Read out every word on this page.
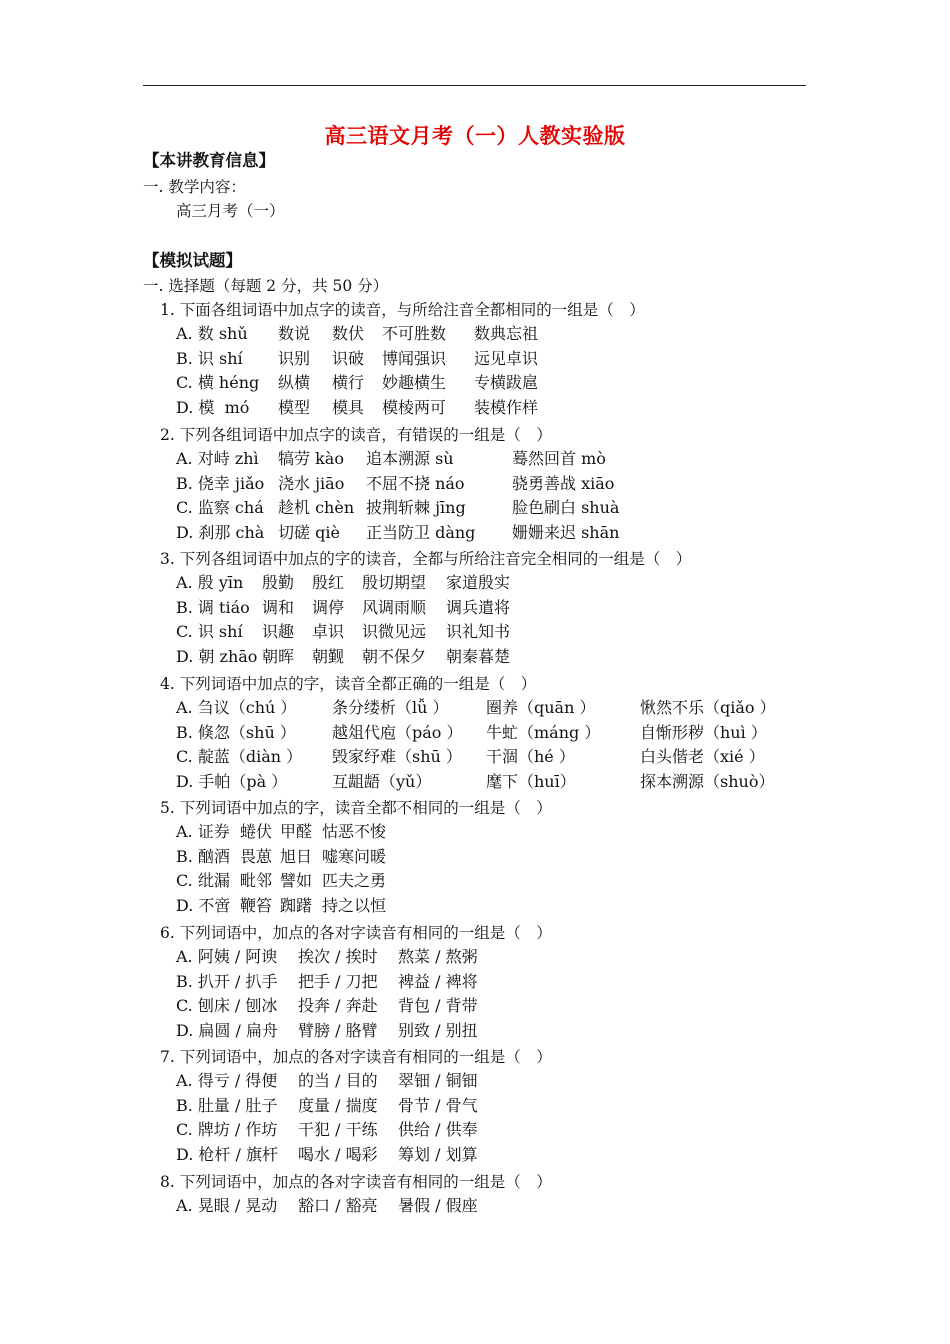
高三语文月考（一）人教实验版
【本讲教育信息】
一. 教学内容：
高三月考（一）
【模拟试题】
一. 选择题（每题 2 分，共 50 分）
1. 下面各组词语中加点字的读音，与所给注音全都相同的一组是（　）
A. 数 shǔ 数说 数伏 不可胜数 数典忘祖
B. 识 shí 识别 识破 博闻强识 远见卓识
C. 横 héng 纵横 横行 妙趣横生 专横跋扈
D. 模  mó 模型 模具 模棱两可 装模作样
2. 下列各组词语中加点字的读音，有错误的一组是（　）
A. 对峙 zhì 犒劳 kào 追本溯源 sù	蓦然回首 mò
B. 侥幸 jiǎo 浇水 jiāo 不屈不挠 náo	骁勇善战 xiāo
C. 监察 chá 趁机 chèn 披荆斩棘 jīng	脸色刷白 shuà
D. 刹那 chà 切磋 qiè 正当防卫 dàng 姗姗来迟 shān
3. 下列各组词语中加点的字的读音，全都与所给注音完全相同的一组是（　）
A. 殷 yīn 殷勤 殷红 殷切期望 家道殷实
B. 调 tiáo 调和 调停 风调雨顺 调兵遣将
C. 识 shí 识趣 卓识 识微见远 识礼知书
D. 朝 zhāo 朝晖 朝觐 朝不保夕 朝秦暮楚
4. 下列词语中加点的字，读音全都正确的一组是（　）
A. 刍议（chú ） 条分缕析（lǚ ） 圈养（quān ）	愀然不乐（qiǎo ）
B. 倏忽（shū ） 越俎代庖（páo ） 牛虻（máng ） 自惭形秽（huì ）
C. 靛蓝（diàn ） 毁家纾难（shū ） 干涸（hé ）	白头偕老（xié ）
D. 手帕（pà ）	互龃龉（yǔ）	麾下（huī）	探本溯源（shuò）
5. 下列词语中加点的字，读音全都不相同的一组是（　）
A. 证券 蜷伏 甲醛 怙恶不悛
B. 酗酒 畏葸 旭日 嘘寒问暖
C. 纰漏 毗邻 譬如 匹夫之勇
D. 不啻 鞭笞 踟躇 持之以恒
6. 下列词语中，加点的各对字读音有相同的一组是（　）
A. 阿姨 / 阿谀 挨次 / 挨时 熬菜 / 熬粥
B. 扒开 / 扒手 把手 / 刀把 裨益 / 裨将
C. 刨床 / 刨冰 投奔 / 奔赴 背包 / 背带
D. 扁圆 / 扁舟 臂膀 / 胳臂 别致 / 别扭
7. 下列词语中，加点的各对字读音有相同的一组是（　）
A. 得亏 / 得便 的当 / 目的 翠钿 / 铜钿
B. 肚量 / 肚子 度量 / 揣度 骨节 / 骨气
C. 牌坊 / 作坊 干犯 / 干练 供给 / 供奉
D. 枪杆 / 旗杆 喝水 / 喝彩 筹划 / 划算
8. 下列词语中，加点的各对字读音有相同的一组是（　）
A. 晃眼 / 晃动 豁口 / 豁亮 暑假 / 假座
